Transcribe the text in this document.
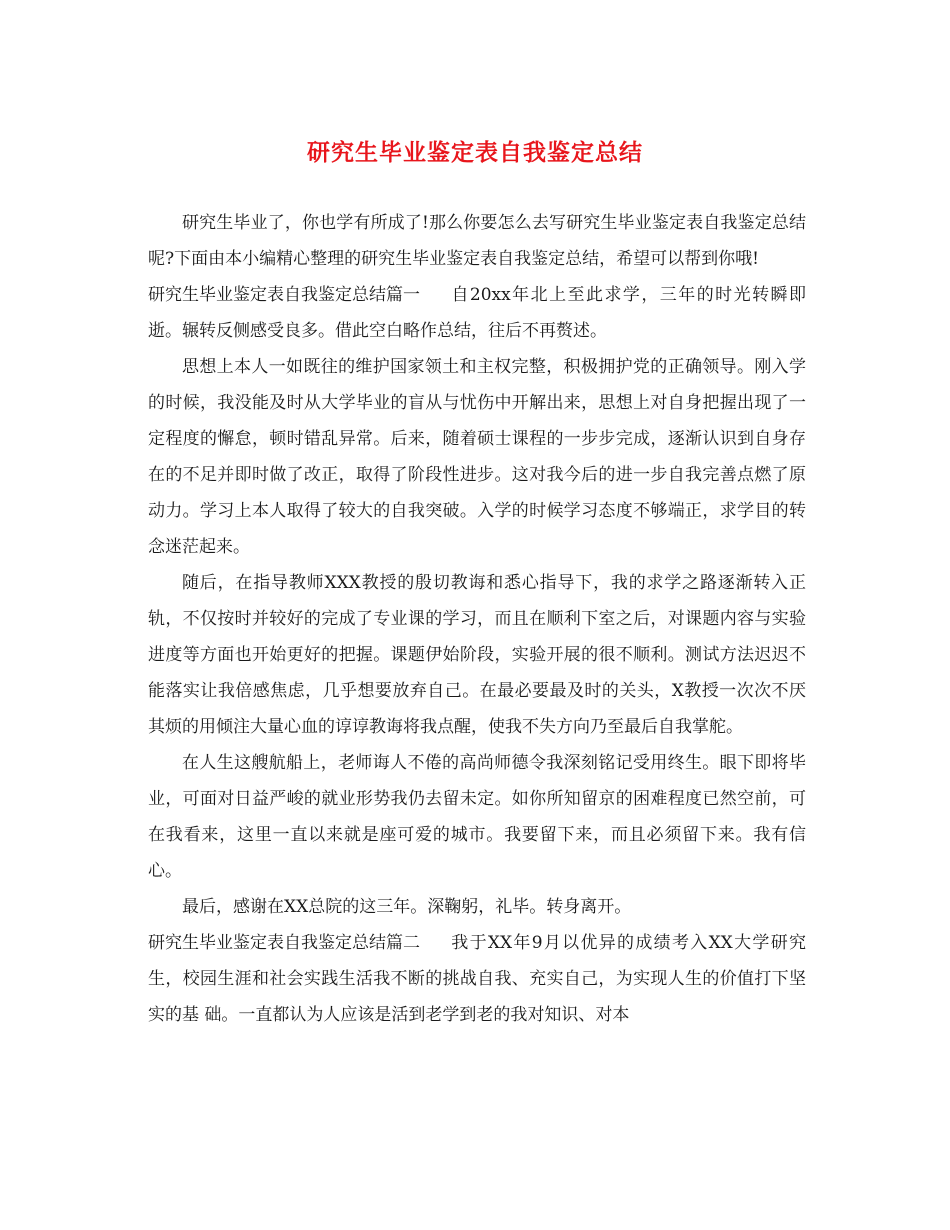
研究生毕业鉴定表自我鉴定总结

研究生毕业了，你也学有所成了!那么你要怎么去写研究生毕业鉴定表自我鉴定总结呢?下面由本小编精心整理的研究生毕业鉴定表自我鉴定总结，希望可以帮到你哦!

研究生毕业鉴定表自我鉴定总结篇一 自20xx年北上至此求学，三年的时光转瞬即逝。辗转反侧感受良多。借此空白略作总结，往后不再赘述。

思想上本人一如既往的维护国家领土和主权完整，积极拥护党的正确领导。刚入学的时候，我没能及时从大学毕业的盲从与忧伤中开解出来，思想上对自身把握出现了一定程度的懈怠，顿时错乱异常。后来，随着硕士课程的一步步完成，逐渐认识到自身存在的不足并即时做了改正，取得了阶段性进步。这对我今后的进一步自我完善点燃了原动力。学习上本人取得了较大的自我突破。入学的时候学习态度不够端正，求学目的转念迷茫起来。

随后，在指导教师XXX教授的殷切教诲和悉心指导下，我的求学之路逐渐转入正轨，不仅按时并较好的完成了专业课的学习，而且在顺利下室之后，对课题内容与实验进度等方面也开始更好的把握。课题伊始阶段，实验开展的很不顺利。测试方法迟迟不能落实让我倍感焦虑，几乎想要放弃自己。在最必要最及时的关头，X教授一次次不厌其烦的用倾注大量心血的谆谆教诲将我点醒，使我不失方向乃至最后自我掌舵。

在人生这艘航船上，老师诲人不倦的高尚师德令我深刻铭记受用终生。眼下即将毕业，可面对日益严峻的就业形势我仍去留未定。如你所知留京的困难程度已然空前，可在我看来，这里一直以来就是座可爱的城市。我要留下来，而且必须留下来。我有信心。

最后，感谢在XX总院的这三年。深鞠躬，礼毕。转身离开。

研究生毕业鉴定表自我鉴定总结篇二 我于XX年9月以优异的成绩考入XX大学研究生，校园生涯和社会实践生活我不断的挑战自我、充实自己，为实现人生的价值打下坚实的基 础。一直都认为人应该是活到老学到老的我对知识、对本
